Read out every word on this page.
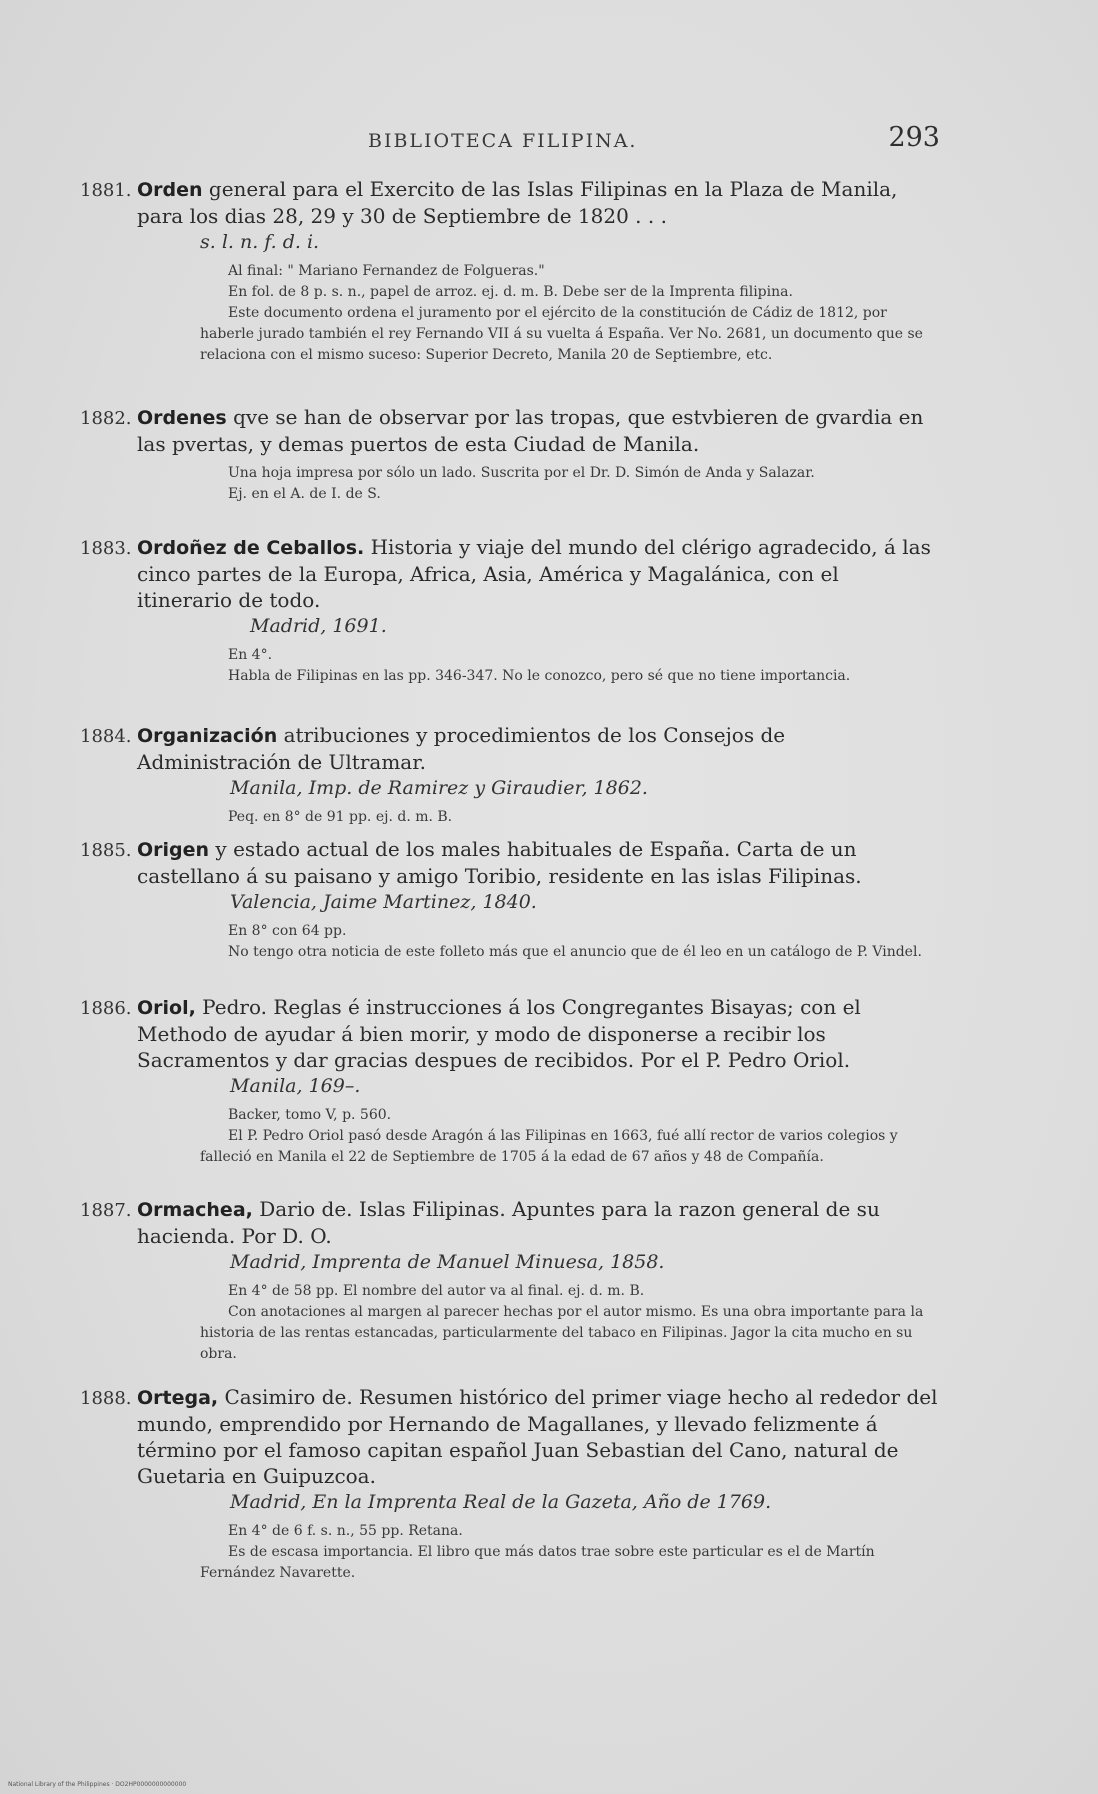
BIBLIOTECA FILIPINA.	293
1881. Orden general para el Exercito de las Islas Filipinas en la Plaza de Manila, para los dias 28, 29 y 30 de Septiembre de 1820 . . .
s. l. n. f. d. i.

Al final: " Mariano Fernandez de Folgueras."

En fol. de 8 p. s. n., papel de arroz. ej. d. m. B. Debe ser de la Imprenta filipina.

Este documento ordena el juramento por el ejército de la constitución de Cádiz de 1812, por haberle jurado también el rey Fernando VII á su vuelta á España. Ver No. 2681, un documento que se relaciona con el mismo suceso: Superior Decreto, Manila 20 de Septiembre, etc.

1882. Ordenes qve se han de observar por las tropas, que estvbieren de gvardia en las pvertas, y demas puertos de esta Ciudad de Manila.

Una hoja impresa por sólo un lado. Suscrita por el Dr. D. Simón de Anda y Salazar.

Ej. en el A. de I. de S.

1883. Ordoñez de Ceballos. Historia y viaje del mundo del clérigo agradecido, á las cinco partes de la Europa, Africa, Asia, América y Magalánica, con el itinerario de todo.
Madrid, 1691.

En 4°.

Habla de Filipinas en las pp. 346-347. No le conozco, pero sé que no tiene importancia.

1884. Organización atribuciones y procedimientos de los Consejos de Administración de Ultramar.
Manila, Imp. de Ramirez y Giraudier, 1862.

Peq. en 8° de 91 pp. ej. d. m. B.

1885. Origen y estado actual de los males habituales de España. Carta de un castellano á su paisano y amigo Toribio, residente en las islas Filipinas.
Valencia, Jaime Martinez, 1840.

En 8° con 64 pp.

No tengo otra noticia de este folleto más que el anuncio que de él leo en un catálogo de P. Vindel.

1886. Oriol, Pedro. Reglas é instrucciones á los Congregantes Bisayas; con el Methodo de ayudar á bien morir, y modo de disponerse a recibir los Sacramentos y dar gracias despues de recibidos. Por el P. Pedro Oriol.
Manila, 169–.

Backer, tomo V, p. 560.

El P. Pedro Oriol pasó desde Aragón á las Filipinas en 1663, fué allí rector de varios colegios y falleció en Manila el 22 de Septiembre de 1705 á la edad de 67 años y 48 de Compañía.

1887. Ormachea, Dario de. Islas Filipinas. Apuntes para la razon general de su hacienda. Por D. O.
Madrid, Imprenta de Manuel Minuesa, 1858.

En 4° de 58 pp. El nombre del autor va al final. ej. d. m. B.

Con anotaciones al margen al parecer hechas por el autor mismo. Es una obra importante para la historia de las rentas estancadas, particularmente del tabaco en Filipinas. Jagor la cita mucho en su obra.

1888. Ortega, Casimiro de. Resumen histórico del primer viage hecho al rededor del mundo, emprendido por Hernando de Magallanes, y llevado felizmente á término por el famoso capitan español Juan Sebastian del Cano, natural de Guetaria en Guipuzcoa.
Madrid, En la Imprenta Real de la Gazeta, Año de 1769.

En 4° de 6 f. s. n., 55 pp. Retana.

Es de escasa importancia. El libro que más datos trae sobre este particular es el de Martín Fernández Navarette.

National Library of the Philippines · DO2HP0000000000000
